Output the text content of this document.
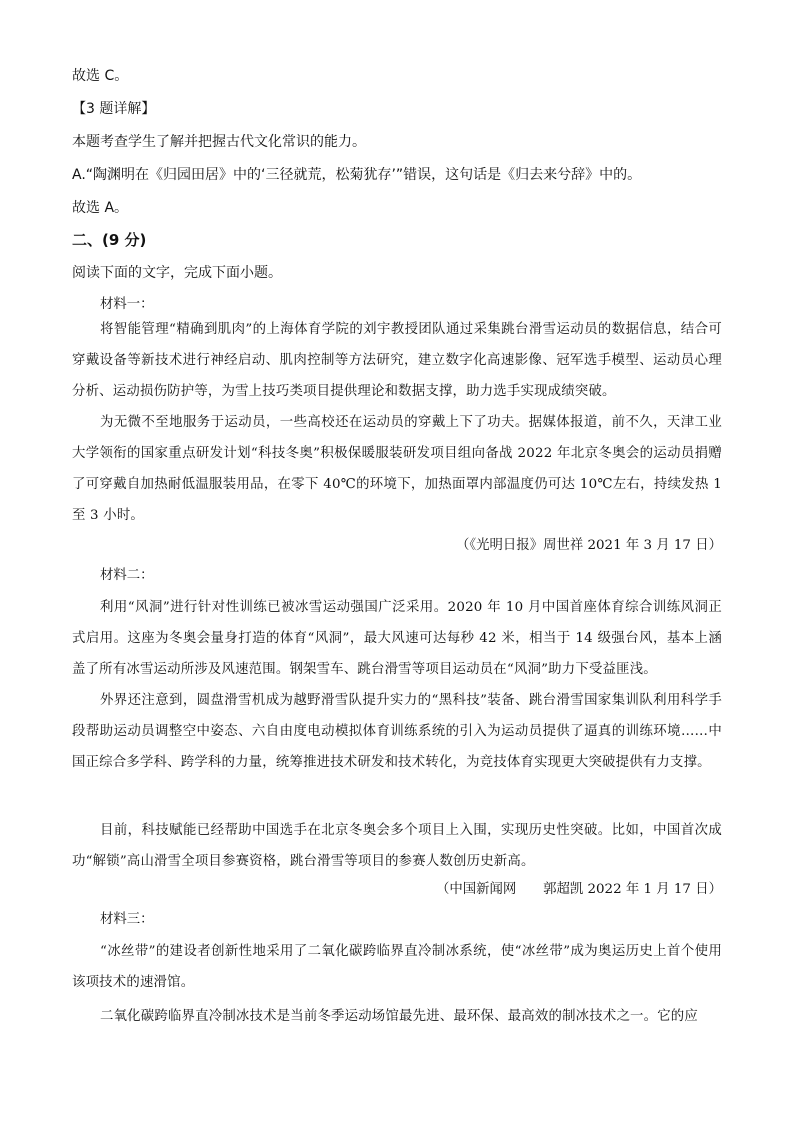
故选 C。
【3 题详解】
本题考查学生了解并把握古代文化常识的能力。
A.“陶渊明在《归园田居》中的‘三径就荒，松菊犹存’”错误，这句话是《归去来兮辞》中的。
故选 A。
二、(9 分)
阅读下面的文字，完成下面小题。
材料一：
将智能管理“精确到肌肉”的上海体育学院的刘宇教授团队通过采集跳台滑雪运动员的数据信息，结合可穿戴设备等新技术进行神经启动、肌肉控制等方法研究，建立数字化高速影像、冠军选手模型、运动员心理分析、运动损伤防护等，为雪上技巧类项目提供理论和数据支撑，助力选手实现成绩突破。
为无微不至地服务于运动员，一些高校还在运动员的穿戴上下了功夫。据媒体报道，前不久，天津工业大学领衔的国家重点研发计划“科技冬奥”积极保暖服装研发项目组向备战 2022 年北京冬奥会的运动员捐赠了可穿戴自加热耐低温服装用品，在零下 40℃的环境下，加热面罩内部温度仍可达 10℃左右，持续发热 1 至 3 小时。
（《光明日报》周世祥 2021 年 3 月 17 日）
材料二：
利用“风洞”进行针对性训练已被冰雪运动强国广泛采用。2020 年 10 月中国首座体育综合训练风洞正式启用。这座为冬奥会量身打造的体育“风洞”，最大风速可达每秒 42 米，相当于 14 级强台风，基本上涵盖了所有冰雪运动所涉及风速范围。钢架雪车、跳台滑雪等项目运动员在“风洞”助力下受益匪浅。
外界还注意到，圆盘滑雪机成为越野滑雪队提升实力的“黑科技”装备、跳台滑雪国家集训队利用科学手段帮助运动员调整空中姿态、六自由度电动模拟体育训练系统的引入为运动员提供了逼真的训练环境……中国正综合多学科、跨学科的力量，统筹推进技术研发和技术转化，为竞技体育实现更大突破提供有力支撑。
目前，科技赋能已经帮助中国选手在北京冬奥会多个项目上入围，实现历史性突破。比如，中国首次成功“解锁”高山滑雪全项目参赛资格，跳台滑雪等项目的参赛人数创历史新高。
（中国新闻网　　郭超凯 2022 年 1 月 17 日）
材料三：
“冰丝带”的建设者创新性地采用了二氧化碳跨临界直冷制冰系统，使“冰丝带”成为奥运历史上首个使用该项技术的速滑馆。
二氧化碳跨临界直冷制冰技术是当前冬季运动场馆最先进、最环保、最高效的制冰技术之一。它的应
